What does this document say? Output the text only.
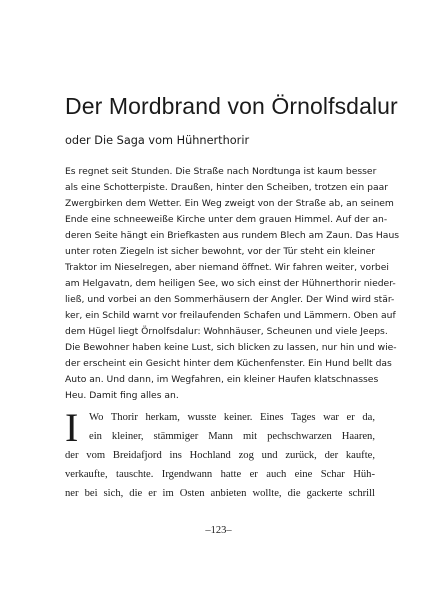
Der Mordbrand von Örnolfsdalur
oder Die Saga vom Hühnerthorir
Es regnet seit Stunden. Die Straße nach Nordtunga ist kaum besser
als eine Schotterpiste. Draußen, hinter den Scheiben, trotzen ein paar
Zwergbirken dem Wetter. Ein Weg zweigt von der Straße ab, an seinem
Ende eine schneeweiße Kirche unter dem grauen Himmel. Auf der an-
deren Seite hängt ein Briefkasten aus rundem Blech am Zaun. Das Haus
unter roten Ziegeln ist sicher bewohnt, vor der Tür steht ein kleiner
Traktor im Nieselregen, aber niemand öffnet. Wir fahren weiter, vorbei
am Helgavatn, dem heiligen See, wo sich einst der Hühnerthorir nieder-
ließ, und vorbei an den Sommerhäusern der Angler. Der Wind wird stär-
ker, ein Schild warnt vor freilaufenden Schafen und Lämmern. Oben auf
dem Hügel liegt Örnolfsdalur: Wohnhäuser, Scheunen und viele Jeeps.
Die Bewohner haben keine Lust, sich blicken zu lassen, nur hin und wie-
der erscheint ein Gesicht hinter dem Küchenfenster. Ein Hund bellt das
Auto an. Und dann, im Wegfahren, ein kleiner Haufen klatschnasses
Heu. Damit fing alles an.
I Wo Thorir herkam, wusste keiner. Eines Tages war er da,
ein kleiner, stämmiger Mann mit pechschwarzen Haaren,
der vom Breidafjord ins Hochland zog und zurück, der kaufte,
verkaufte, tauschte. Irgendwann hatte er auch eine Schar Hüh-
ner bei sich, die er im Osten anbieten wollte, die gackerte schrill
–123–
